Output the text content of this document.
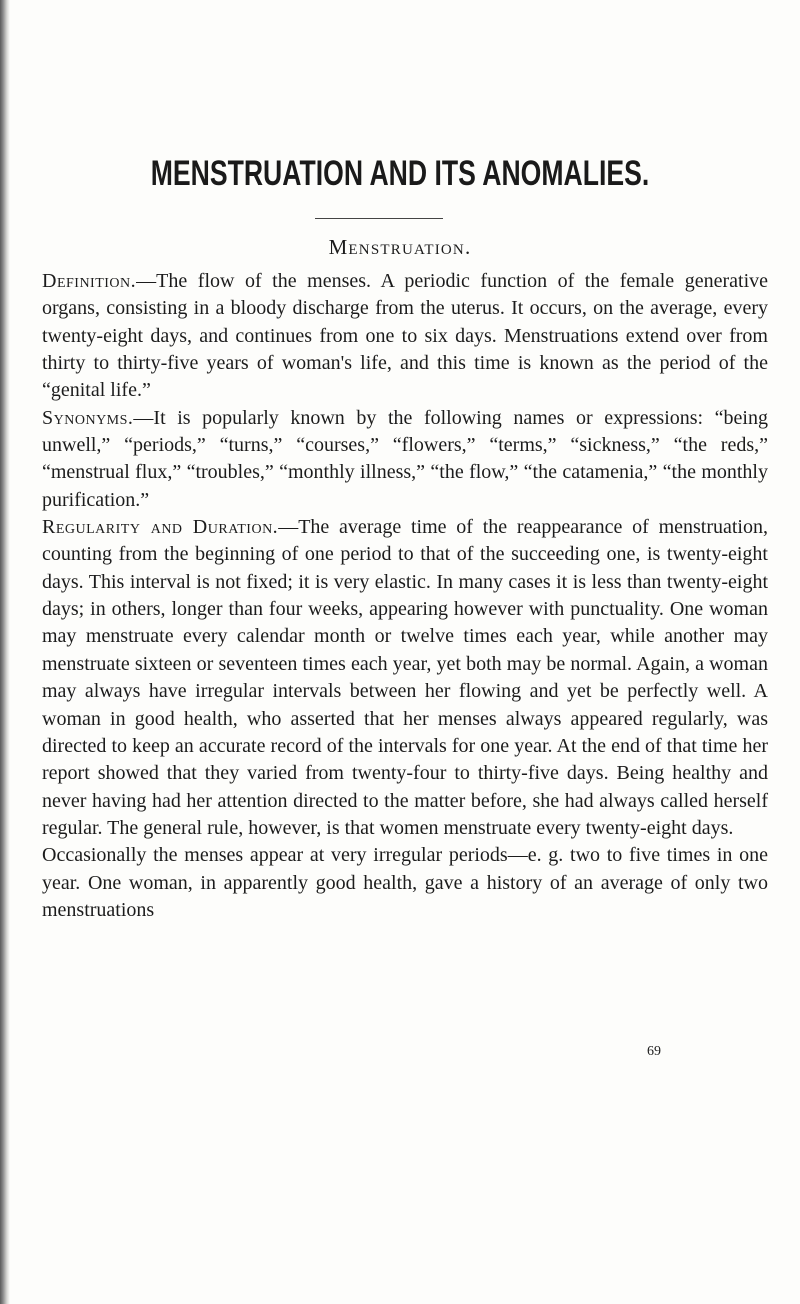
MENSTRUATION AND ITS ANOMALIES.
Menstruation.

Definition.—The flow of the menses. A periodic function of the female generative organs, consisting in a bloody discharge from the uterus. It occurs, on the average, every twenty-eight days, and continues from one to six days. Menstruations extend over from thirty to thirty-five years of woman's life, and this time is known as the period of the “genital life.”

Synonyms.—It is popularly known by the following names or expressions: “being unwell,” “periods,” “turns,” “courses,” “flowers,” “terms,” “sickness,” “the reds,” “menstrual flux,” “troubles,” “monthly illness,” “the flow,” “the catamenia,” “the monthly purification.”

Regularity and Duration.—The average time of the reappearance of menstruation, counting from the beginning of one period to that of the succeeding one, is twenty-eight days. This interval is not fixed; it is very elastic. In many cases it is less than twenty-eight days; in others, longer than four weeks, appearing however with punctuality. One woman may menstruate every calendar month or twelve times each year, while another may menstruate sixteen or seventeen times each year, yet both may be normal. Again, a woman may always have irregular intervals between her flowing and yet be perfectly well. A woman in good health, who asserted that her menses always appeared regularly, was directed to keep an accurate record of the intervals for one year. At the end of that time her report showed that they varied from twenty-four to thirty-five days. Being healthy and never having had her attention directed to the matter before, she had always called herself regular. The general rule, however, is that women menstruate every twenty-eight days.

Occasionally the menses appear at very irregular periods—e. g. two to five times in one year. One woman, in apparently good health, gave a history of an average of only two menstruations

69
